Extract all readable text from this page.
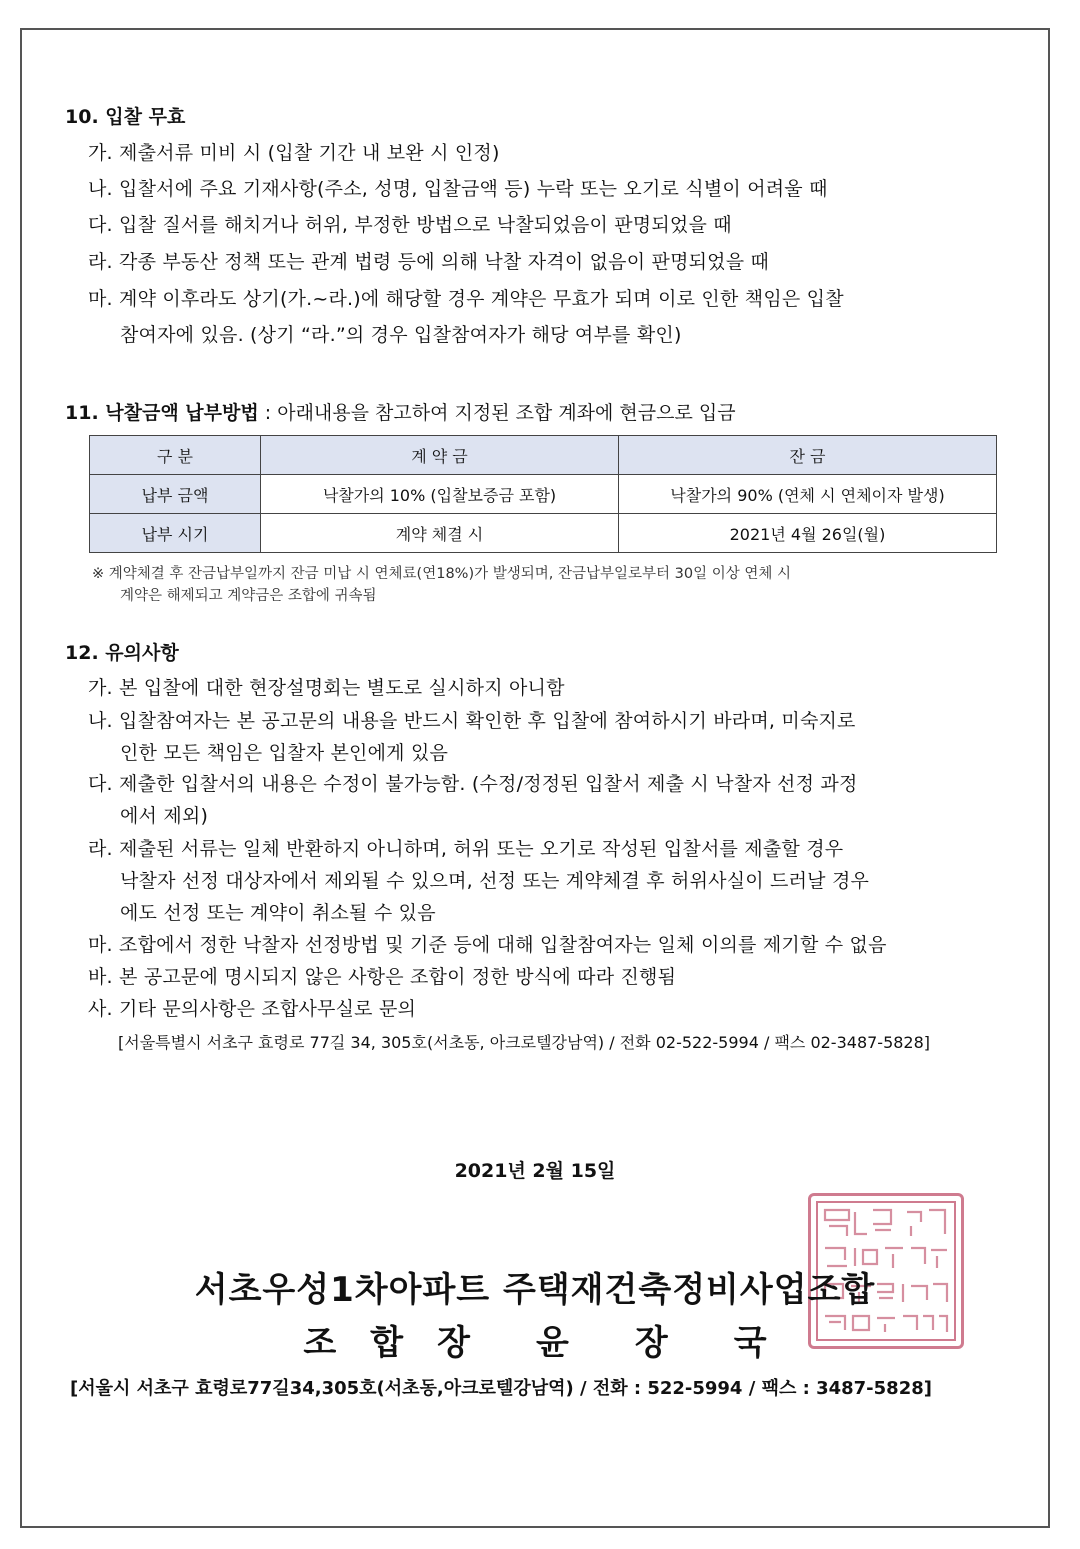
10. 입찰 무효
가. 제출서류 미비 시 (입찰 기간 내 보완 시 인정)
나. 입찰서에 주요 기재사항(주소, 성명, 입찰금액 등) 누락 또는 오기로 식별이 어려울 때
다. 입찰 질서를 해치거나 허위, 부정한 방법으로 낙찰되었음이 판명되었을 때
라. 각종 부동산 정책 또는 관계 법령 등에 의해 낙찰 자격이 없음이 판명되었을 때
마. 계약 이후라도 상기(가.~라.)에 해당할 경우 계약은 무효가 되며 이로 인한 책임은 입찰
참여자에 있음. (상기 “라.”의 경우 입찰참여자가 해당 여부를 확인)
11. 낙찰금액 납부방법 : 아래내용을 참고하여 지정된 조합 계좌에 현금으로 입금
구 분	계 약 금	잔 금
납부 금액	낙찰가의 10% (입찰보증금 포함)	낙찰가의 90% (연체 시 연체이자 발생)
납부 시기	계약 체결 시	2021년 4월 26일(월)
※ 계약체결 후 잔금납부일까지 잔금 미납 시 연체료(연18%)가 발생되며, 잔금납부일로부터 30일 이상 연체 시
계약은 해제되고 계약금은 조합에 귀속됨
12. 유의사항
가. 본 입찰에 대한 현장설명회는 별도로 실시하지 아니함
나. 입찰참여자는 본 공고문의 내용을 반드시 확인한 후 입찰에 참여하시기 바라며, 미숙지로
인한 모든 책임은 입찰자 본인에게 있음
다. 제출한 입찰서의 내용은 수정이 불가능함. (수정/정정된 입찰서 제출 시 낙찰자 선정 과정
에서 제외)
라. 제출된 서류는 일체 반환하지 아니하며, 허위 또는 오기로 작성된 입찰서를 제출할 경우
낙찰자 선정 대상자에서 제외될 수 있으며, 선정 또는 계약체결 후 허위사실이 드러날 경우
에도 선정 또는 계약이 취소될 수 있음
마. 조합에서 정한 낙찰자 선정방법 및 기준 등에 대해 입찰참여자는 일체 이의를 제기할 수 없음
바. 본 공고문에 명시되지 않은 사항은 조합이 정한 방식에 따라 진행됨
사. 기타 문의사항은 조합사무실로 문의
[서울특별시 서초구 효령로 77길 34, 305호(서초동, 아크로텔강남역) / 전화 02-522-5994 / 팩스 02-3487-5828]
2021년 2월 15일
서초우성1차아파트 주택재건축정비사업조합
조 합 장 윤 장 국
[서울시 서초구 효령로77길34,305호(서초동,아크로텔강남역) / 전화 : 522-5994 / 팩스 : 3487-5828]
